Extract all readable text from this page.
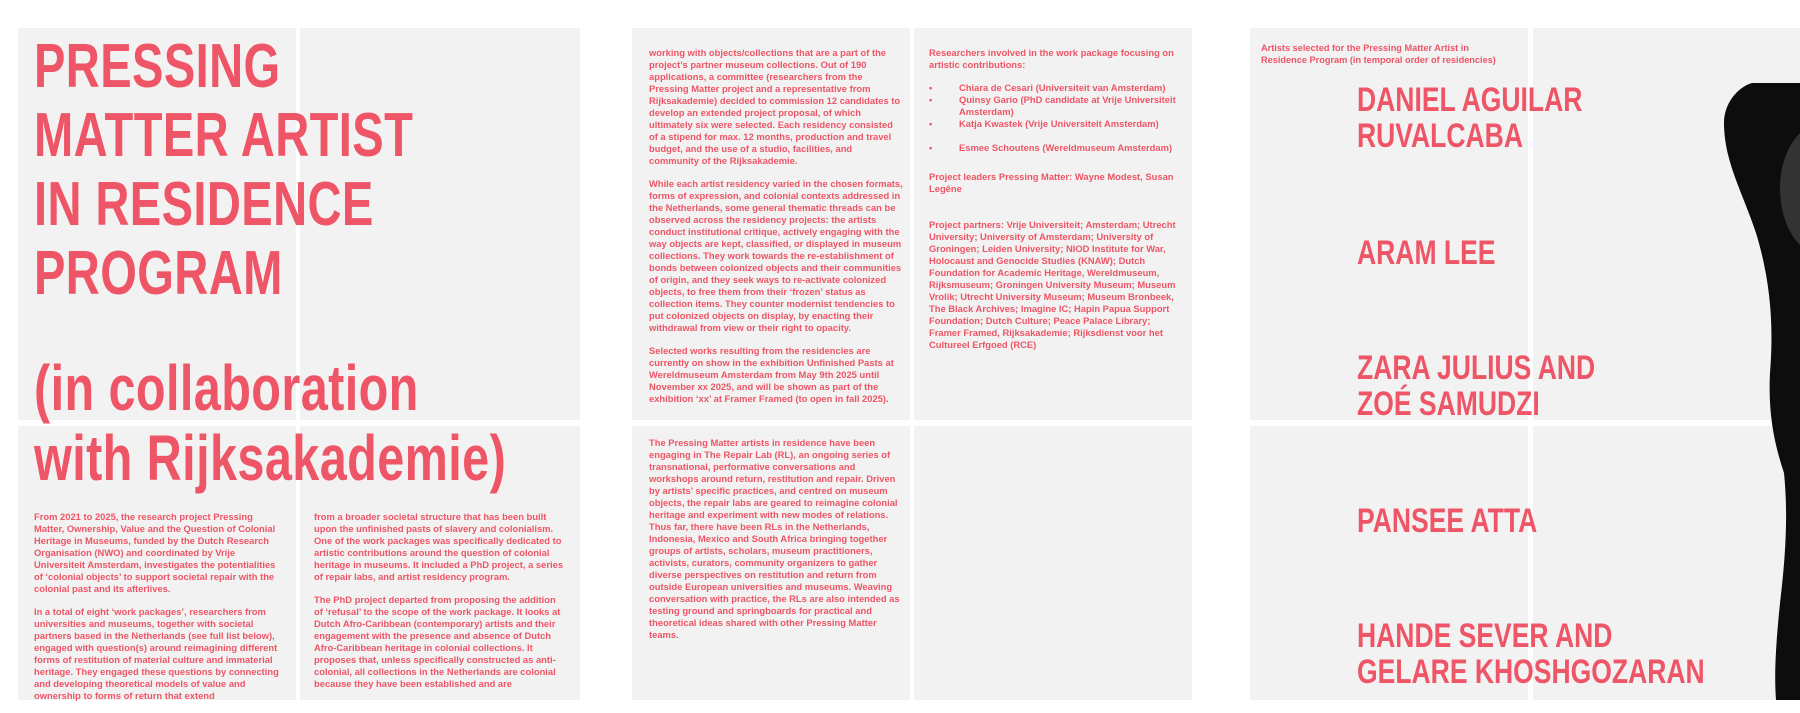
PRESSING
MATTER ARTIST
IN RESIDENCE
PROGRAM
(in collaboration
with Rijksakademie)

From 2021 to 2025, the research project Pressing Matter, Ownership, Value and the Question of Colonial Heritage in Museums, funded by the Dutch Research Organisation (NWO) and coordinated by Vrije Universiteit Amsterdam, investigates the potentialities of ‘colonial objects’ to support societal repair with the colonial past and its afterlives.

In a total of eight ‘work packages’, researchers from universities and museums, together with societal partners based in the Netherlands (see full list below), engaged with question(s) around reimagining different forms of restitution of material culture and immaterial heritage. They engaged these questions by connecting and developing theoretical models of value and ownership to forms of return that extend

from a broader societal structure that has been built upon the unfinished pasts of slavery and colonialism. One of the work packages was specifically dedicated to artistic contributions around the question of colonial heritage in museums. It included a PhD project, a series of repair labs, and artist residency program.

The PhD project departed from proposing the addition of ‘refusal’ to the scope of the work package. It looks at Dutch Afro-Caribbean (contemporary) artists and their engagement with the presence and absence of Dutch Afro-Caribbean heritage in colonial collections. It proposes that, unless specifically constructed as anti-colonial, all collections in the Netherlands are colonial because they have been established and are

working with objects/collections that are a part of the project’s partner museum collections. Out of 190 applications, a committee (researchers from the Pressing Matter project and a representative from Rijksakademie) decided to commission 12 candidates to develop an extended project proposal, of which ultimately six were selected. Each residency consisted of a stipend for max. 12 months, production and travel budget, and the use of a studio, facilities, and community of the Rijksakademie.

While each artist residency varied in the chosen formats, forms of expression, and colonial contexts addressed in the Netherlands, some general thematic threads can be observed across the residency projects: the artists conduct institutional critique, actively engaging with the way objects are kept, classified, or displayed in museum collections. They work towards the re-establishment of bonds between colonized objects and their communities of origin, and they seek ways to re-activate colonized objects, to free them from their ‘frozen’ status as collection items. They counter modernist tendencies to put colonized objects on display, by enacting their withdrawal from view or their right to opacity.

Selected works resulting from the residencies are currently on show in the exhibition Unfinished Pasts at Wereldmuseum Amsterdam from May 9th 2025 until November xx 2025, and will be shown as part of the exhibition ‘xx’ at Framer Framed (to open in fall 2025).

The Pressing Matter artists in residence have been engaging in The Repair Lab (RL), an ongoing series of transnational, performative conversations and workshops around return, restitution and repair. Driven by artists’ specific practices, and centred on museum objects, the repair labs are geared to reimagine colonial heritage and experiment with new modes of relations. Thus far, there have been RLs in the Netherlands, Indonesia, Mexico and South Africa bringing together groups of artists, scholars, museum practitioners, activists, curators, community organizers to gather diverse perspectives on restitution and return from outside European universities and museums. Weaving conversation with practice, the RLs are also intended as testing ground and springboards for practical and theoretical ideas shared with other Pressing Matter teams.

Researchers involved in the work package focusing on artistic contributions:

• Chiara de Cesari (Universiteit van Amsterdam)
• Quinsy Gario (PhD candidate at Vrije Universiteit Amsterdam)
• Katja Kwastek (Vrije Universiteit Amsterdam)
• Esmee Schoutens (Wereldmuseum Amsterdam)

Project leaders Pressing Matter: Wayne Modest, Susan Legêne

Project partners: Vrije Universiteit; Amsterdam; Utrecht University; University of Amsterdam; University of Groningen; Leiden University; NIOD Institute for War, Holocaust and Genocide Studies (KNAW); Dutch Foundation for Academic Heritage, Wereldmuseum, Rijksmuseum; Groningen University Museum; Museum Vrolik; Utrecht University Museum; Museum Bronbeek, The Black Archives; Imagine IC; Hapin Papua Support Foundation; Dutch Culture; Peace Palace Library; Framer Framed, Rijksakademie; Rijksdienst voor het Cultureel Erfgoed (RCE)

Artists selected for the Pressing Matter Artist in Residence Program (in temporal order of residencies)
DANIEL AGUILAR
RUVALCABA
ARAM LEE
ZARA JULIUS AND
ZOÉ SAMUDZI
PANSEE ATTA
HANDE SEVER AND
GELARE KHOSHGOZARAN
